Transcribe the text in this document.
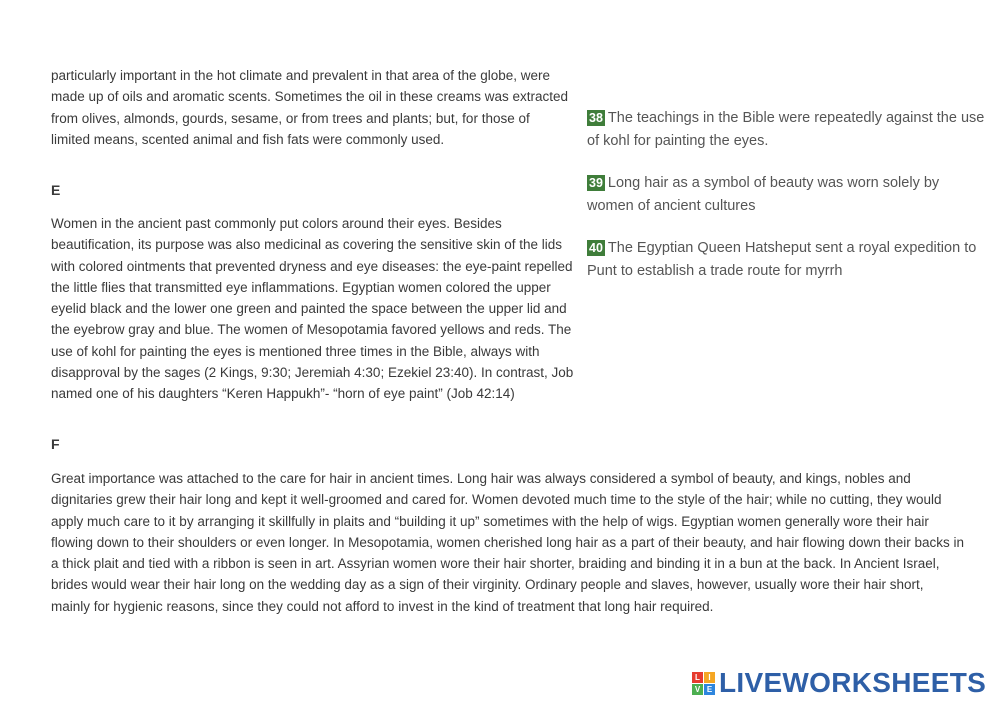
particularly important in the hot climate and prevalent in that area of the globe, were made up of oils and aromatic scents. Sometimes the oil in these creams was extracted from olives, almonds, gourds, sesame, or from trees and plants; but, for those of limited means, scented animal and fish fats were commonly used.

E

Women in the ancient past commonly put colors around their eyes. Besides beautification, its purpose was also medicinal as covering the sensitive skin of the lids with colored ointments that prevented dryness and eye diseases: the eye-paint repelled the little flies that transmitted eye inflammations. Egyptian women colored the upper eyelid black and the lower one green and painted the space between the upper lid and the eyebrow gray and blue. The women of Mesopotamia favored yellows and reds. The use of kohl for painting the eyes is mentioned three times in the Bible, always with disapproval by the sages (2 Kings, 9:30; Jeremiah 4:30; Ezekiel 23:40). In contrast, Job named one of his daughters “Keren Happukh”- “horn of eye paint” (Job 42:14)

F

Great importance was attached to the care for hair in ancient times. Long hair was always considered a symbol of beauty, and kings, nobles and dignitaries grew their hair long and kept it well-groomed and cared for. Women devoted much time to the style of the hair; while no cutting, they would apply much care to it by arranging it skillfully in plaits and “building it up” sometimes with the help of wigs. Egyptian women generally wore their hair flowing down to their shoulders or even longer. In Mesopotamia, women cherished long hair as a part of their beauty, and hair flowing down their backs in a thick plait and tied with a ribbon is seen in art. Assyrian women wore their hair shorter, braiding and binding it in a bun at the back. In Ancient Israel, brides would wear their hair long on the wedding day as a sign of their virginity. Ordinary people and slaves, however, usually wore their hair short, mainly for hygienic reasons, since they could not afford to invest in the kind of treatment that long hair required.

38 The teachings in the Bible were repeatedly against the use of kohl for painting the eyes.

39 Long hair as a symbol of beauty was worn solely by women of ancient cultures

40 The Egyptian Queen Hatsheput sent a royal expedition to Punt to establish a trade route for myrrh

L	I
V E LIVEWORKSHEETS
